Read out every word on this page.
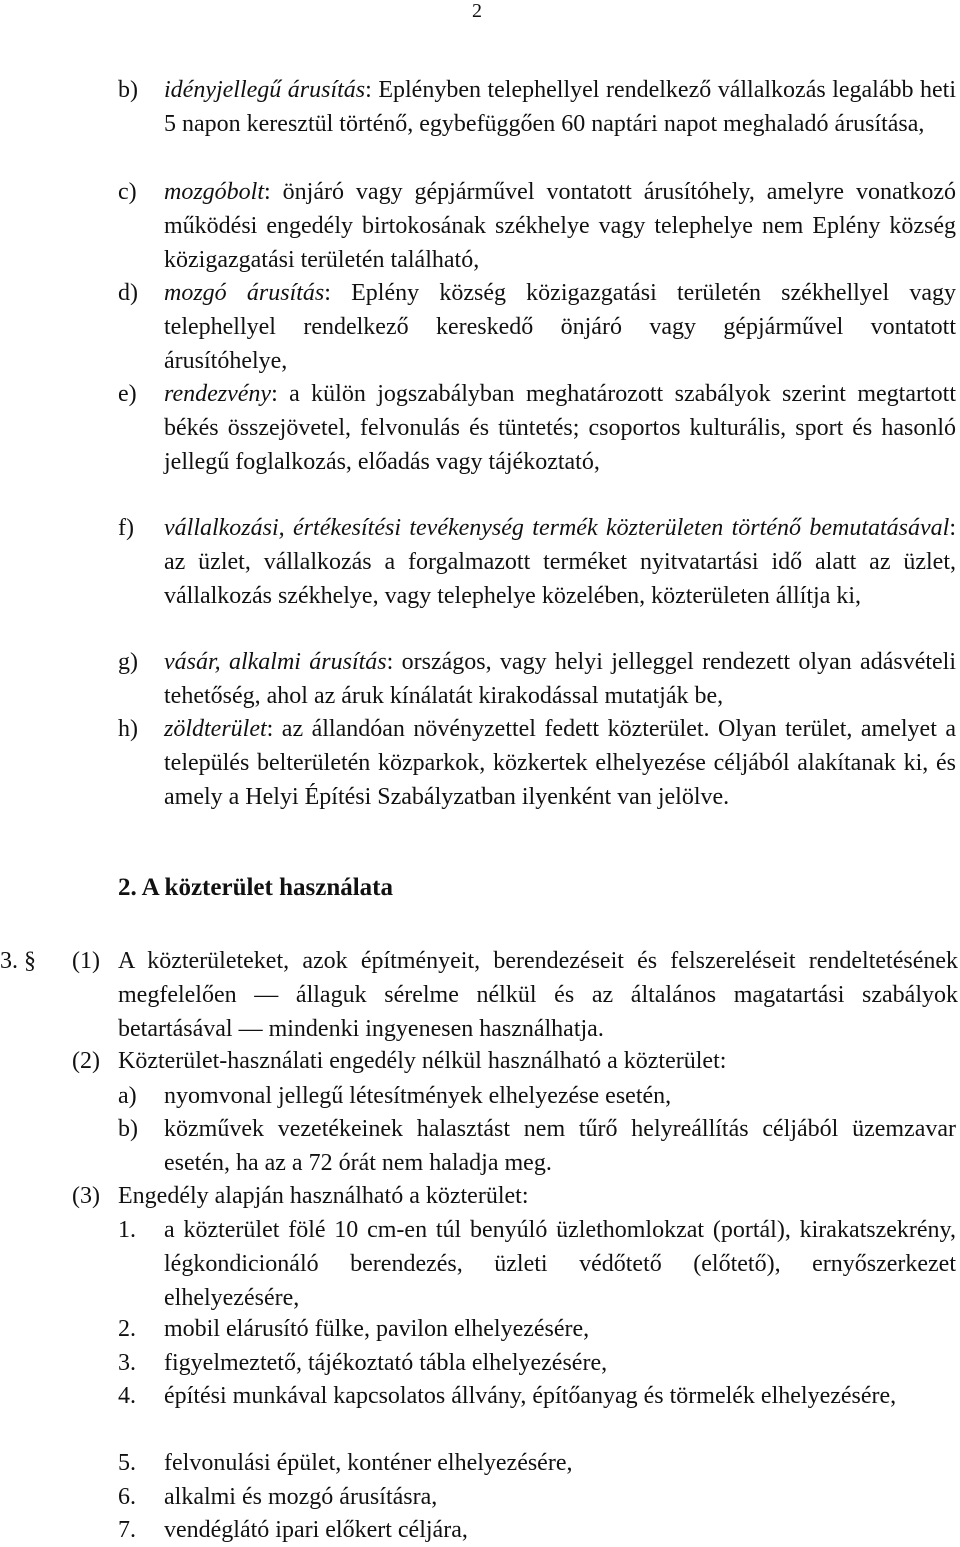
2
b) idényjellegű árusítás: Eplényben telephellyel rendelkező vállalkozás legalább heti 5 napon keresztül történő, egybefüggően 60 naptári napot meghaladó árusítása,
c) mozgóbolt: önjáró vagy gépjárművel vontatott árusítóhely, amelyre vonatkozó működési engedély birtokosának székhelye vagy telephelye nem Eplény község közigazgatási területén található,
d) mozgó árusítás: Eplény község közigazgatási területén székhellyel vagy telephellyel rendelkező kereskedő önjáró vagy gépjárművel vontatott árusítóhelye,
e) rendezvény: a külön jogszabályban meghatározott szabályok szerint megtartott békés összejövetel, felvonulás és tüntetés; csoportos kulturális, sport és hasonló jellegű foglalkozás, előadás vagy tájékoztató,
f) vállalkozási, értékesítési tevékenység termék közterületen történő bemutatásával: az üzlet, vállalkozás a forgalmazott terméket nyitvatartási idő alatt az üzlet, vállalkozás székhelye, vagy telephelye közelében, közterületen állítja ki,
g) vásár, alkalmi árusítás: országos, vagy helyi jelleggel rendezett olyan adásvételi tehetőség, ahol az áruk kínálatát kirakodással mutatják be,
h) zöldterület: az állandóan növényzettel fedett közterület. Olyan terület, amelyet a település belterületén közparkok, közkertek elhelyezése céljából alakítanak ki, és amely a Helyi Építési Szabályzatban ilyenként van jelölve.
2. A közterület használata
3. § (1) A közterületeket, azok építményeit, berendezéseit és felszereléseit rendeltetésének megfelelően — állaguk sérelme nélkül és az általános magatartási szabályok betartásával — mindenki ingyenesen használhatja.
(2) Közterület-használati engedély nélkül használható a közterület:
a) nyomvonal jellegű létesítmények elhelyezése esetén,
b) közművek vezetékeinek halasztást nem tűrő helyreállítás céljából üzemzavar esetén, ha az a 72 órát nem haladja meg.
(3) Engedély alapján használható a közterület:
1. a közterület fölé 10 cm-en túl benyúló üzlethomlokzat (portál), kirakatszekrény, légkondicionáló berendezés, üzleti védőtető (előtető), ernyőszerkezet elhelyezésére,
2. mobil elárusító fülke, pavilon elhelyezésére,
3. figyelmeztető, tájékoztató tábla elhelyezésére,
4. építési munkával kapcsolatos állvány, építőanyag és törmelék elhelyezésére,
5. felvonulási épület, konténer elhelyezésére,
6. alkalmi és mozgó árusításra,
7. vendéglátó ipari előkert céljára,
